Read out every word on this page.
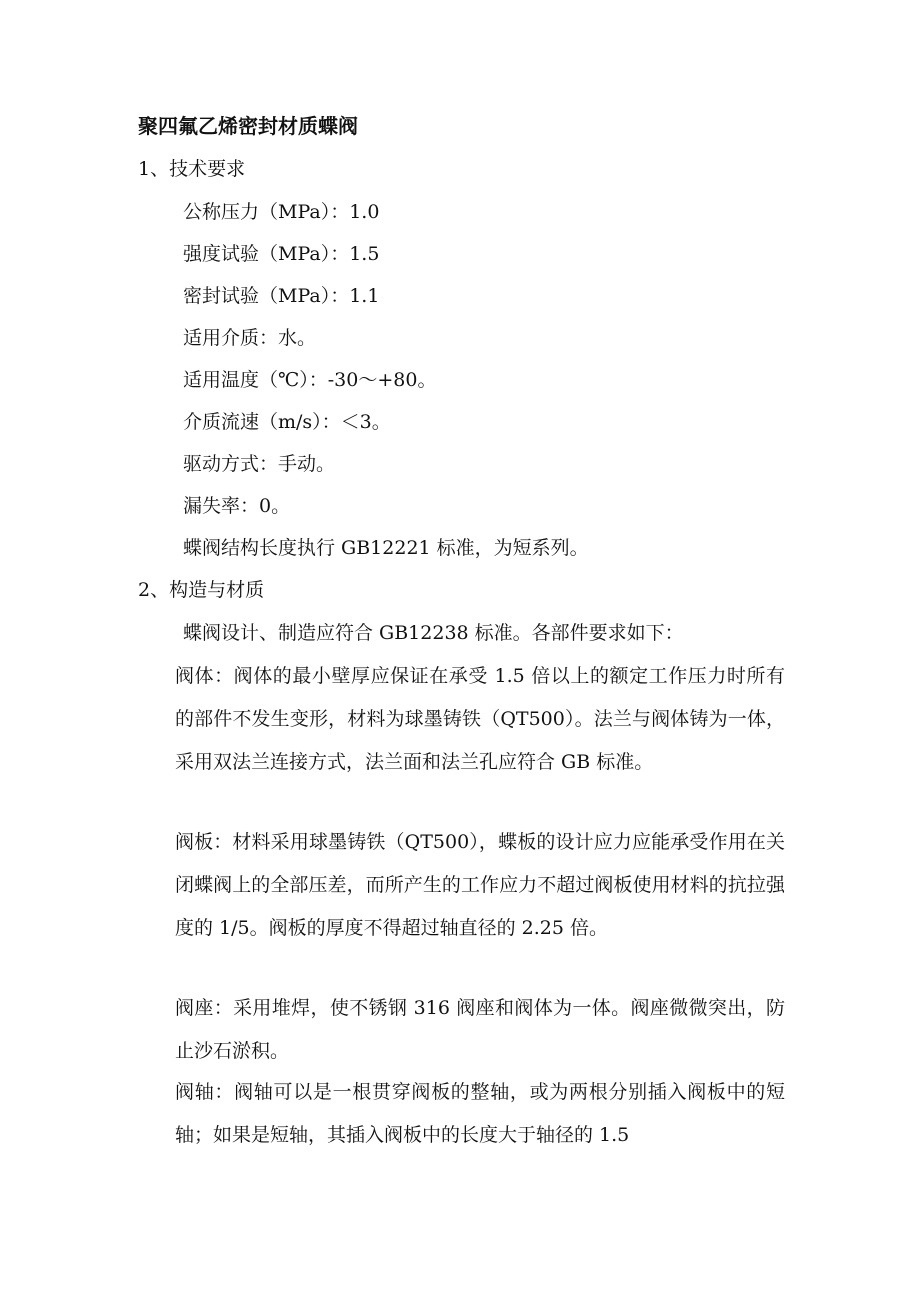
聚四氟乙烯密封材质蝶阀
1、技术要求
公称压力（MPa）：1.0
强度试验（MPa）：1.5
密封试验（MPa）：1.1
适用介质：水。
适用温度（℃）：-30～+80。
介质流速（m/s）：＜3。
驱动方式：手动。
漏失率：0。
蝶阀结构长度执行 GB12221 标准，为短系列。
2、构造与材质
蝶阀设计、制造应符合 GB12238 标准。各部件要求如下：
阀体：阀体的最小壁厚应保证在承受 1.5 倍以上的额定工作压力时所有的部件不发生变形，材料为球墨铸铁（QT500）。法兰与阀体铸为一体，采用双法兰连接方式，法兰面和法兰孔应符合 GB 标准。
阀板：材料采用球墨铸铁（QT500），蝶板的设计应力应能承受作用在关闭蝶阀上的全部压差，而所产生的工作应力不超过阀板使用材料的抗拉强度的 1/5。阀板的厚度不得超过轴直径的 2.25 倍。
阀座：采用堆焊，使不锈钢 316 阀座和阀体为一体。阀座微微突出，防止沙石淤积。
阀轴：阀轴可以是一根贯穿阀板的整轴，或为两根分别插入阀板中的短轴；如果是短轴，其插入阀板中的长度大于轴径的 1.5
